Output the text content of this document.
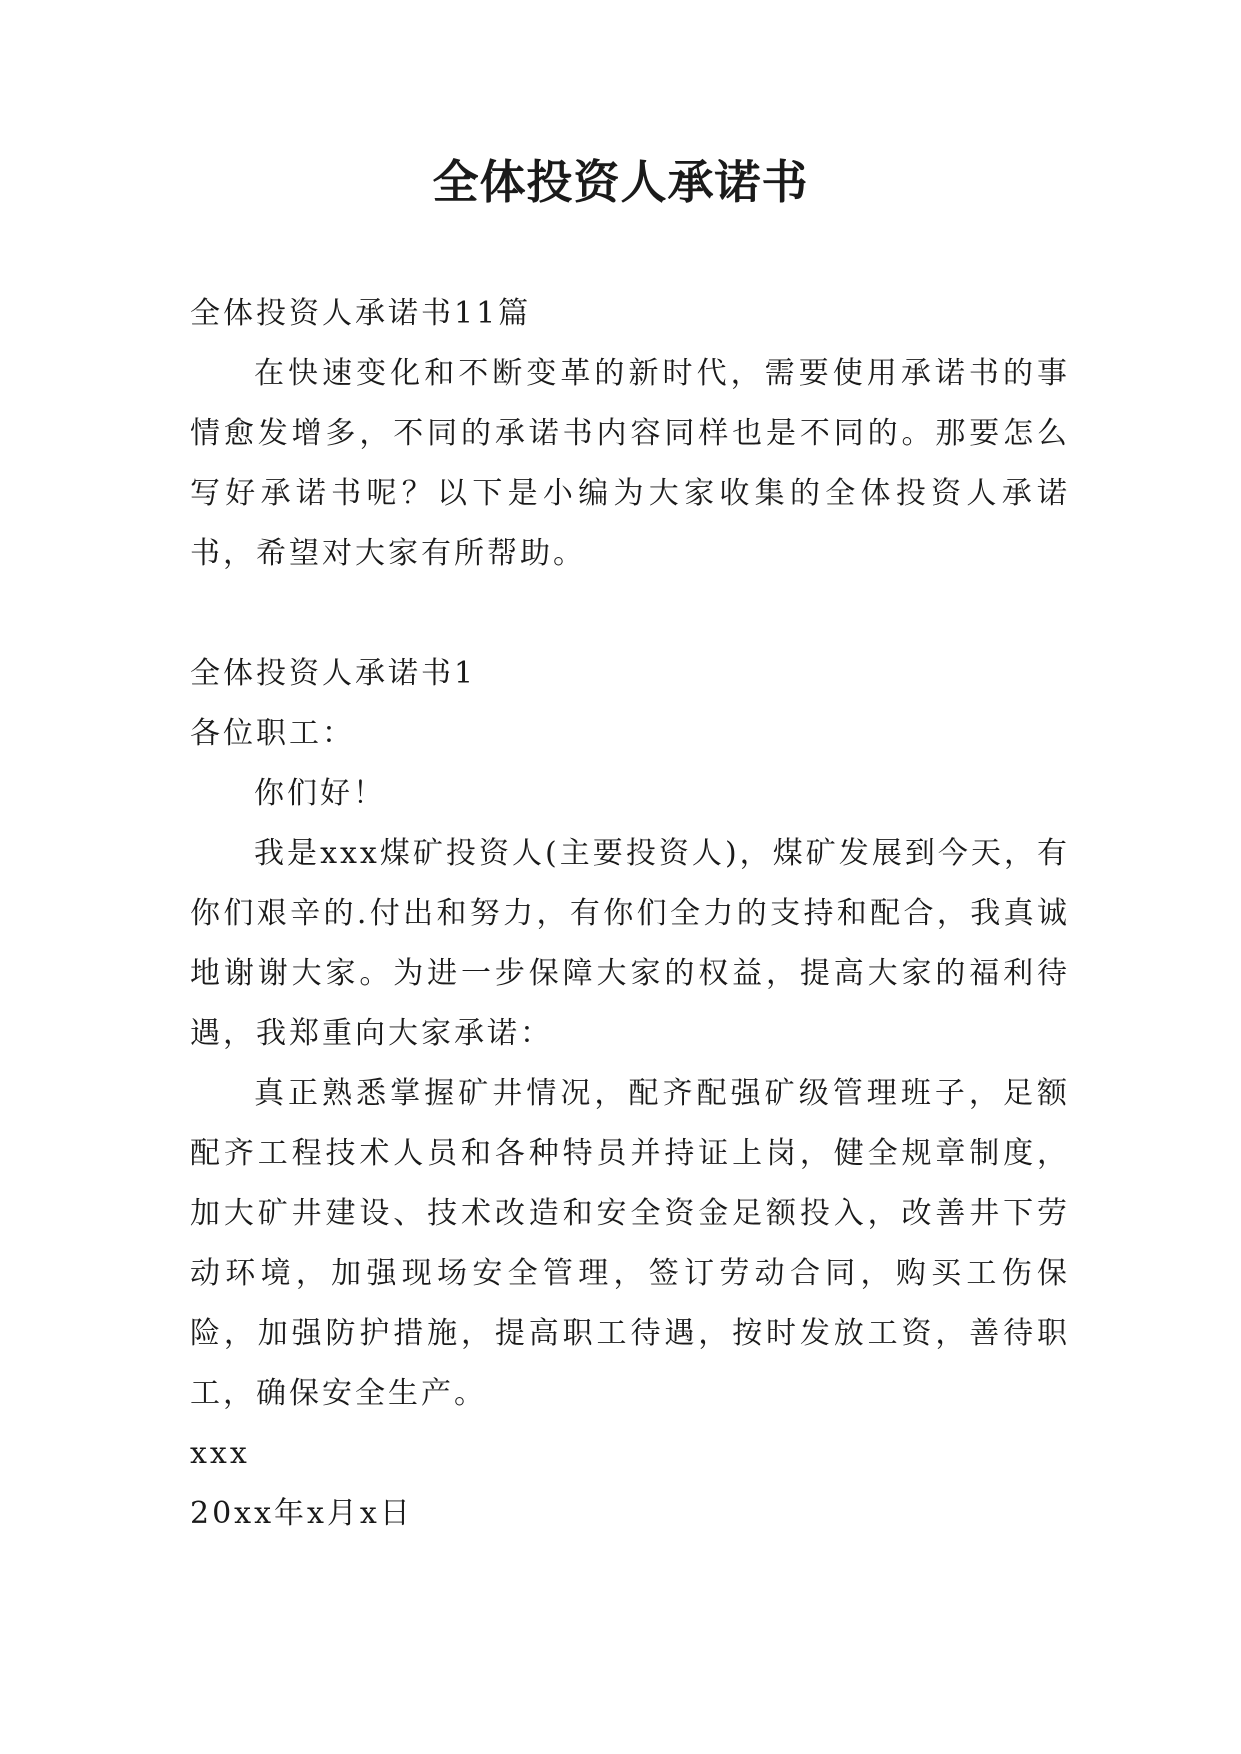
全体投资人承诺书

全体投资人承诺书11篇

在快速变化和不断变革的新时代，需要使用承诺书的事情愈发增多，不同的承诺书内容同样也是不同的。那要怎么写好承诺书呢？以下是小编为大家收集的全体投资人承诺书，希望对大家有所帮助。

全体投资人承诺书1

各位职工：

你们好！

我是xxx煤矿投资人(主要投资人)，煤矿发展到今天，有你们艰辛的.付出和努力，有你们全力的支持和配合，我真诚地谢谢大家。为进一步保障大家的权益，提高大家的福利待遇，我郑重向大家承诺：

真正熟悉掌握矿井情况，配齐配强矿级管理班子，足额配齐工程技术人员和各种特员并持证上岗，健全规章制度，加大矿井建设、技术改造和安全资金足额投入，改善井下劳动环境，加强现场安全管理，签订劳动合同，购买工伤保险，加强防护措施，提高职工待遇，按时发放工资，善待职工，确保安全生产。

xxx

20xx年x月x日
